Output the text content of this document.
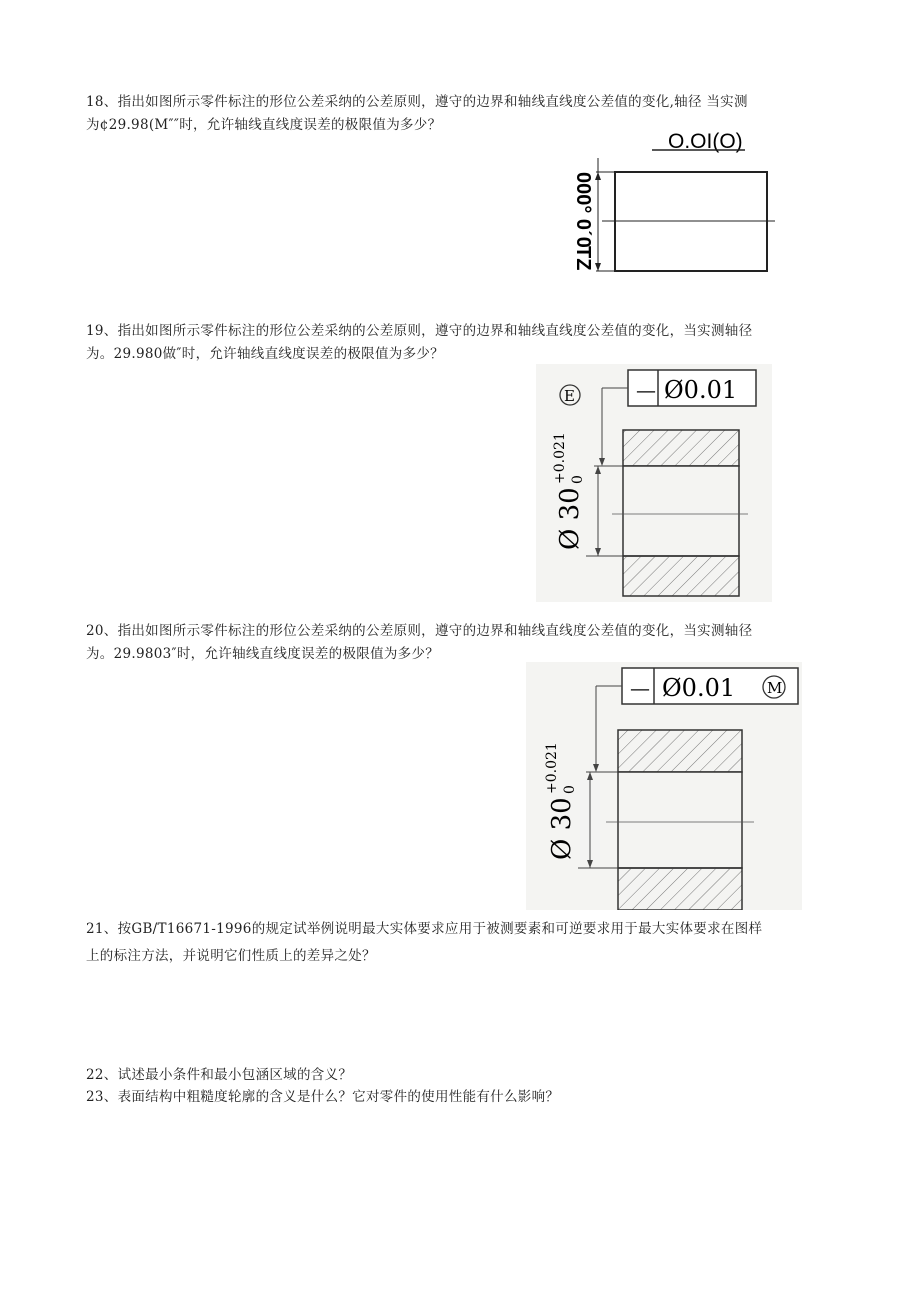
18、指出如图所示零件标注的形位公差采纳的公差原则，遵守的边界和轴线直线度公差值的变化,轴径 当实测

为¢29.98(M″″时，允许轴线直线度误差的极限值为多少？

O.OI(O)
000° 0ˊ0
TZ

19、指出如图所示零件标注的形位公差采纳的公差原则，遵守的边界和轴线直线度公差值的变化，当实测轴径

为。29.980做″时，允许轴线直线度误差的极限值为多少？

— Ø0.01
Ø 30
+0.021 0
E

20、指出如图所示零件标注的形位公差采纳的公差原则，遵守的边界和轴线直线度公差值的变化，当实测轴径

为。29.9803″时，允许轴线直线度误差的极限值为多少？

— Ø0.01 M
Ø 30
+0.021 0

21、按GB/T16671-1996的规定试举例说明最大实体要求应用于被测要素和可逆要求用于最大实体要求在图样

上的标注方法，并说明它们性质上的差异之处？

22、试述最小条件和最小包涵区域的含义？

23、表面结构中粗糙度轮廓的含义是什么？它对零件的使用性能有什么影响？
